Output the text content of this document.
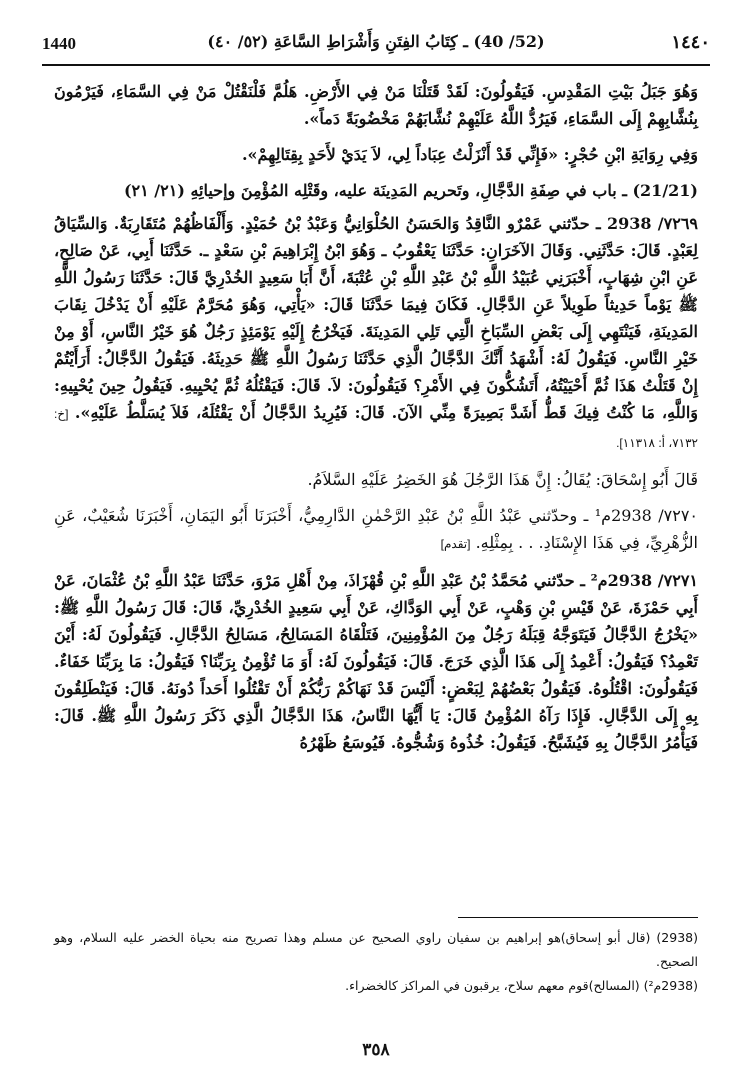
1440	(52/ 40) ـ كِتَابُ الفِتَنِ وَأَشْرَاطِ السَّاعَةِ (٥٢/ ٤٠)	١٤٤٠

وَهُوَ جَبَلُ بَيْتِ المَقْدِسِ. فَيَقُولُونَ: لَقَدْ قَتَلْنَا مَنْ فِي الأَرْضِ. هَلُمَّ فَلْنَقْتُلْ مَنْ فِي السَّمَاءِ، فَيَرْمُونَ بِنُشَّابِهِمْ إِلَى السَّمَاءِ، فَيَرُدُّ اللَّهُ عَلَيْهِمْ نُشَّابَهُمْ مَخْضُوبَةً دَماً».

وَفِي رِوَايَةِ ابْنِ حُجْرٍ: «فَإِنِّي قَدْ أَنْزَلْتُ عِبَاداً لِي، لاَ يَدَيْ لأَحَدٍ بِقِتَالِهِمْ».

(21/21) ـ باب في صِفَةِ الدَّجَّالِ، وتَحريم المَدِينَة عليه، وقَتْلِه المُؤْمِنَ وإحيائِهِ (٢١/ ٢١)

٧٢٦٩/ 2938 ـ حدّثني عَمْرٌو النَّاقِدُ وَالحَسَنُ الحُلْوَانِيُّ وَعَبْدُ بْنُ حُمَيْدٍ. وَأَلْفَاظُهُمْ مُتَقَارِبَةٌ. وَالسِّيَاقُ لِعَبْدٍ. قَالَ: حَدَّثَنِي. وَقَالَ الآخَرَانِ: حَدَّثَنَا يَعْقُوبُ ـ وَهُوَ ابْنُ إِبْرَاهِيمَ بْنِ سَعْدٍ ـ. حَدَّثَنَا أَبِي، عَنْ صَالِحٍ، عَنِ ابْنِ شِهَابٍ، أَخْبَرَنِي عُبَيْدُ اللَّهِ بْنُ عَبْدِ اللَّهِ بْنِ عُتْبَةَ، أَنَّ أَبَا سَعِيدٍ الخُدْرِيَّ قَالَ: حَدَّثَنَا رَسُولُ اللَّهِ ﷺ يَوْماً حَدِيثاً طَوِيلاً عَنِ الدَّجَّالِ. فَكَانَ فِيمَا حَدَّثَنَا قَالَ: «يَأْتِي، وَهُوَ مُحَرَّمٌ عَلَيْهِ أَنْ يَدْخُلَ نِقَابَ المَدِينَةِ، فَيَنْتَهِي إِلَى بَعْضِ السِّبَاخِ الَّتِي تَلِي المَدِينَةَ. فَيَخْرُجُ إِلَيْهِ يَوْمَئِذٍ رَجُلٌ هُوَ خَيْرُ النَّاسِ، أَوْ مِنْ خَيْرِ النَّاسِ. فَيَقُولُ لَهُ: أَشْهَدُ أَنَّكَ الدَّجَّالُ الَّذِي حَدَّثَنَا رَسُولُ اللَّهِ ﷺ حَدِيثَهُ. فَيَقُولُ الدَّجَّالُ: أَرَأَيْتُمْ إِنْ قَتَلْتُ هَذَا ثُمَّ أَحْيَيْتُهُ، أَتَشُكُّونَ فِي الأَمْرِ؟ فَيَقُولُونَ: لاَ. قَالَ: فَيَقْتُلُهُ ثُمَّ يُحْيِيهِ. فَيَقُولُ حِينَ يُحْيِيهِ: وَاللَّهِ، مَا كُنْتُ فِيكَ قَطُّ أَشَدَّ بَصِيرَةً مِنِّي الآنَ. قَالَ: فَيُرِيدُ الدَّجَّالُ أَنْ يَقْتُلَهُ، فَلاَ يُسَلَّطُ عَلَيْهِ». [خ: ٧١٣٢، أ: ١١٣١٨].

قَالَ أَبُو إِسْحَاقَ: يُقَالُ: إِنَّ هَذَا الرَّجُلَ هُوَ الخَضِرُ عَلَيْهِ السَّلاَمُ.

٧٢٧٠/ 2938م¹ ـ وحدّثني عَبْدُ اللَّهِ بْنُ عَبْدِ الرَّحْمٰنِ الدَّارِمِيُّ، أَخْبَرَنَا أَبُو اليَمَانِ، أَخْبَرَنَا شُعَيْبٌ، عَنِ الزُّهْرِيِّ، فِي هَذَا الإِسْنَادِ. . . بِمِثْلِهِ. [تقدم]

٧٢٧١/ 2938م² ـ حدّثني مُحَمَّدُ بْنُ عَبْدِ اللَّهِ بْنِ قُهْزَاذَ، مِنْ أَهْلِ مَرْوَ، حَدَّثَنَا عَبْدُ اللَّهِ بْنُ عُثْمَانَ، عَنْ أَبِي حَمْزَةَ، عَنْ قَيْسِ بْنِ وَهْبٍ، عَنْ أَبِي الوَدَّاكِ، عَنْ أَبِي سَعِيدٍ الخُدْرِيِّ، قَالَ: قَالَ رَسُولُ اللَّهِ ﷺ: «يَخْرُجُ الدَّجَّالُ فَيَتَوَجَّهُ قِبَلَهُ رَجُلٌ مِنَ المُؤْمِنِينَ، فَتَلْقَاهُ المَسَالِحُ، مَسَالِحُ الدَّجَّالِ. فَيَقُولُونَ لَهُ: أَيْنَ تَعْمِدُ؟ فَيَقُولُ: أَعْمِدُ إِلَى هَذَا الَّذِي خَرَجَ. قَالَ: فَيَقُولُونَ لَهُ: أَوَ مَا تُؤْمِنُ بِرَبِّنَا؟ فَيَقُولُ: مَا بِرَبِّنَا خَفَاءٌ. فَيَقُولُونَ: اقْتُلُوهُ. فَيَقُولُ بَعْضُهُمْ لِبَعْضٍ: أَلَيْسَ قَدْ نَهَاكُمْ رَبُّكُمْ أَنْ تَقْتُلُوا أَحَداً دُونَهُ. قَالَ: فَيَنْطَلِقُونَ بِهِ إِلَى الدَّجَّالِ. فَإِذَا رَآهُ المُؤْمِنُ قَالَ: يَا أَيُّهَا النَّاسُ، هَذَا الدَّجَّالُ الَّذِي ذَكَرَ رَسُولُ اللَّهِ ﷺ. قَالَ: فَيَأْمُرُ الدَّجَّالُ بِهِ فَيُشَبَّحُ. فَيَقُولُ: خُذُوهُ وَشُجُّوهُ. فَيُوسَعُ ظَهْرُهُ

(2938) (قال أبو إسحاق)هو إبراهيم بن سفيان راوي الصحيح عن مسلم وهذا تصريح منه بحياة الخضر عليه السلام، وهو الصحيح.

(2938م²) (المسالح)قوم معهم سلاح، يرقبون في المراكز كالخضراء.

٣٥٨
